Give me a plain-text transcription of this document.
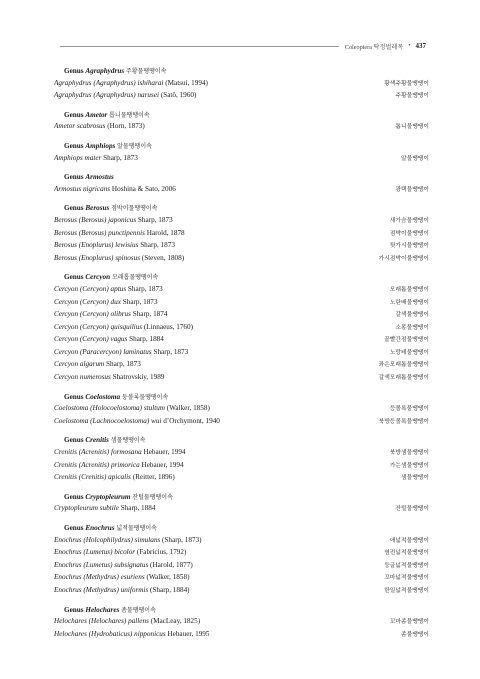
Coleoptera 딱정벌레목 • 437
Genus Agraphydrus 주황물땡땡이속
Agraphydrus (Agraphydrus) ishiharai (Matsui, 1994)	황색주황물땡땡이
Agraphydrus (Agraphydrus) narusei (Satô, 1960)	주황물땡땡이
Genus Ametor 톱니물땡땡이속
Ametor scabrosus (Horn, 1873)	톱니물땡땡이
Genus Amphiops 알물땡땡이속
Amphiops mater Sharp, 1873	알물땡땡이
Genus Armostus
Armostus nigricans Hoshina & Sato, 2006	광택물땡땡이
Genus Berosus 점박이물땡땡이속
Berosus (Berosus) japonicus Sharp, 1873	새가슴물땡땡이
Berosus (Berosus) punctipennis Harold, 1878	점박이물땡땡이
Berosus (Enoplurus) lewisius Sharp, 1873	뒷가시물땡땡이
Berosus (Enoplurus) spinosus (Steven, 1808)	가시점박이물땡땡이
Genus Cercyon 모래톱물땡땡이속
Cercyon (Cercyon) aptus Sharp, 1873	모래톱물땡땡이
Cercyon (Cercyon) dux Sharp, 1873	노란배물땡땡이
Cercyon (Cercyon) olibrus Sharp, 1874	갈색물땡땡이
Cercyon (Cercyon) quisquilius (Linnaeus, 1760)	소똥물땡땡이
Cercyon (Cercyon) vagus Sharp, 1884	끝빨간점물땡땡이
Cercyon (Paracercyon) laminatus Sharp, 1873	노랑테물땡땡이
Cercyon algarum Sharp, 1873	좌은모래톱물땡땡이
Cercyon numerosus Shatrovskiy, 1989	갈색모래톱물땡땡이
Genus Coelostoma 둥볼록물땡땡이속
Coelostoma (Holocoelostoma) stultum (Walker, 1858)	등볼록물땡땡이
Coelostoma (Lachnocoelostoma) wui d’Orchymont, 1940	북방등볼록물땡땡이
Genus Crenitis 샘물땡땡이속
Crenitis (Acrenitis) formosana Hebauer, 1994	북방샘물땡땡이
Crenitis (Acrenitis) primorica Hebauer, 1994	가는샘물땡땡이
Crenitis (Crenitis) apicalis (Reitter, 1896)	샘물땡땡이
Genus Cryptopleurum 잔털물땡땡이속
Cryptopleurum subtile Sharp, 1884	잔털물땡땡이
Genus Enochrus 넓적물땡땡이속
Enochrus (Holcophilydrus) simulans (Sharp, 1873)	애넓적물땡땡이
Enochrus (Lumetus) bicolor (Fabricius, 1792)	염전넓적물땡땡이
Enochrus (Lumetus) subsignatus (Harold, 1877)	둥글넓적물땡땡이
Enochrus (Methydrus) esuriens (Walker, 1858)	꼬마넓적물땡땡이
Enochrus (Methydrus) uniformis (Sharp, 1884)	한일넓적물땡땡이
Genus Helochares 좀물땡땡이속
Helochares (Helochares) pallens (MacLeay, 1825)	꼬마좀물땡땡이
Helochares (Hydrobaticus) nipponicus Hebauer, 1995	좀물땡땡이
